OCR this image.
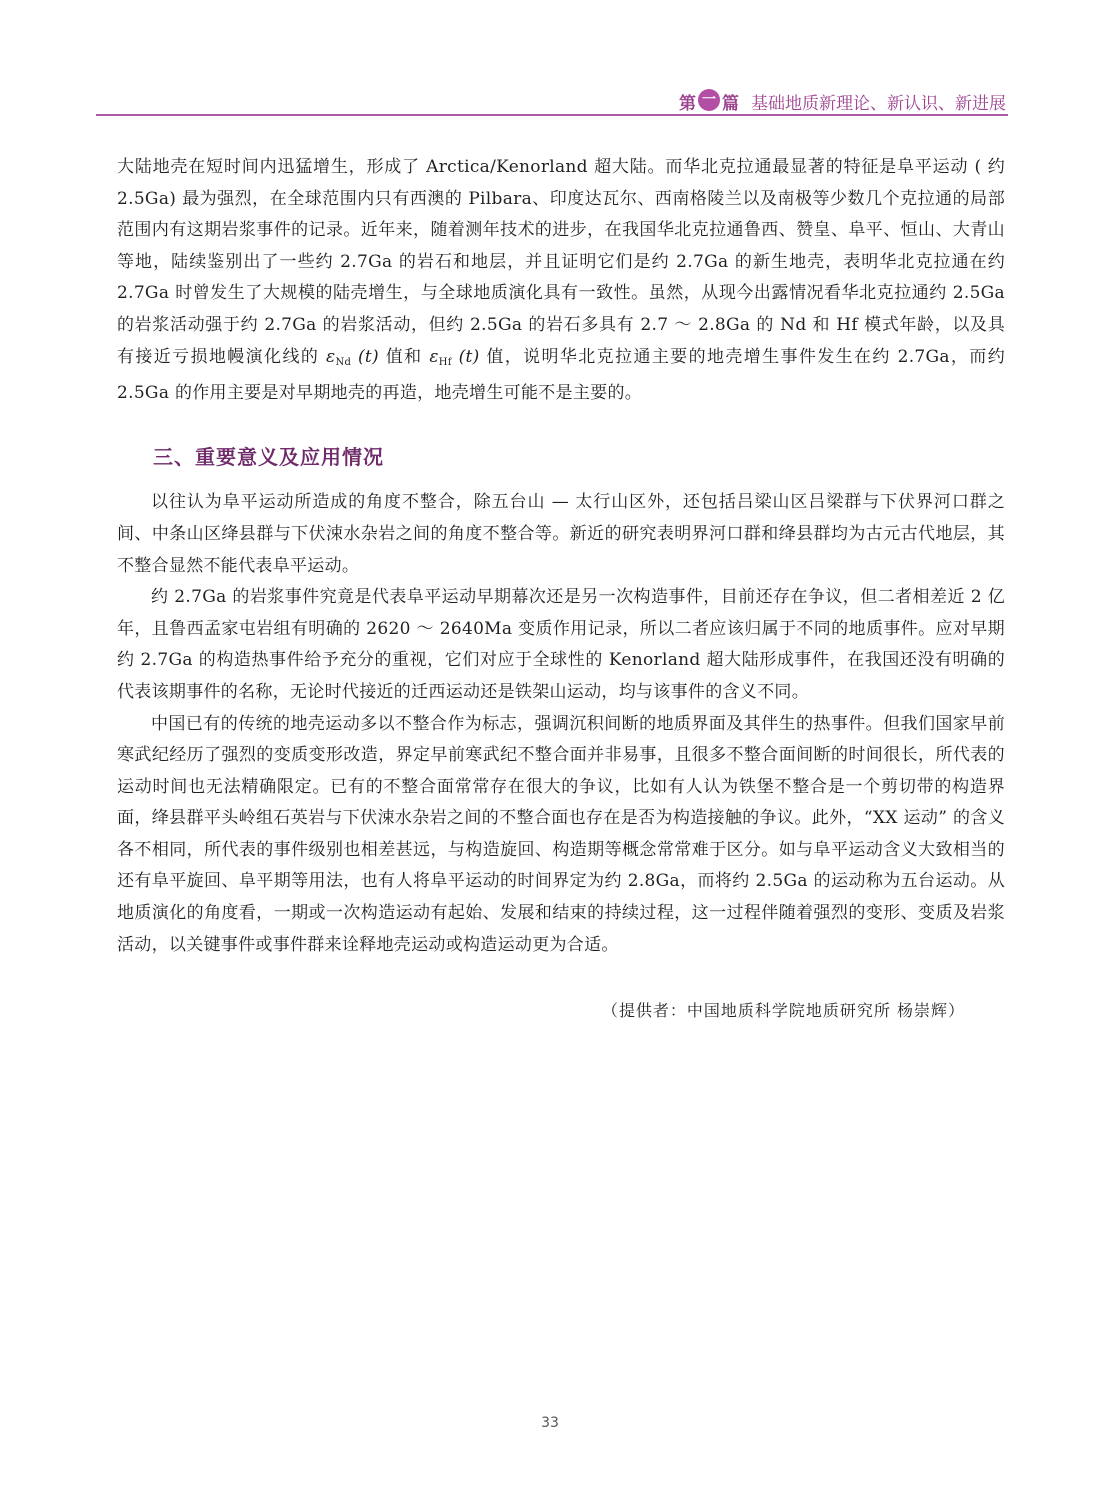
第 一 篇 基础地质新理论、新认识、新进展

大陆地壳在短时间内迅猛增生，形成了 Arctica/Kenorland 超大陆。而华北克拉通最显著的特征是阜平运动 ( 约 2.5Ga) 最为强烈，在全球范围内只有西澳的 Pilbara、印度达瓦尔、西南格陵兰以及南极等少数几个克拉通的局部范围内有这期岩浆事件的记录。近年来，随着测年技术的进步，在我国华北克拉通鲁西、赞皇、阜平、恒山、大青山等地，陆续鉴别出了一些约 2.7Ga 的岩石和地层，并且证明它们是约 2.7Ga 的新生地壳，表明华北克拉通在约 2.7Ga 时曾发生了大规模的陆壳增生，与全球地质演化具有一致性。虽然，从现今出露情况看华北克拉通约 2.5Ga 的岩浆活动强于约 2.7Ga 的岩浆活动，但约 2.5Ga 的岩石多具有 2.7 ～ 2.8Ga 的 Nd 和 Hf 模式年龄，以及具有接近亏损地幔演化线的 $\varepsilon_{Nd}$ (t) 值和 $\varepsilon_{Hf}$ (t) 值，说明华北克拉通主要的地壳增生事件发生在约 2.7Ga，而约 2.5Ga 的作用主要是对早期地壳的再造，地壳增生可能不是主要的。

三、重要意义及应用情况

以往认为阜平运动所造成的角度不整合，除五台山 — 太行山区外，还包括吕梁山区吕梁群与下伏界河口群之间、中条山区绛县群与下伏涑水杂岩之间的角度不整合等。新近的研究表明界河口群和绛县群均为古元古代地层，其不整合显然不能代表阜平运动。

约 2.7Ga 的岩浆事件究竟是代表阜平运动早期幕次还是另一次构造事件，目前还存在争议，但二者相差近 2 亿年，且鲁西孟家屯岩组有明确的 2620 ～ 2640Ma 变质作用记录，所以二者应该归属于不同的地质事件。应对早期约 2.7Ga 的构造热事件给予充分的重视，它们对应于全球性的 Kenorland 超大陆形成事件，在我国还没有明确的代表该期事件的名称，无论时代接近的迁西运动还是铁架山运动，均与该事件的含义不同。

中国已有的传统的地壳运动多以不整合作为标志，强调沉积间断的地质界面及其伴生的热事件。但我们国家早前寒武纪经历了强烈的变质变形改造，界定早前寒武纪不整合面并非易事，且很多不整合面间断的时间很长，所代表的运动时间也无法精确限定。已有的不整合面常常存在很大的争议，比如有人认为铁堡不整合是一个剪切带的构造界面，绛县群平头岭组石英岩与下伏涑水杂岩之间的不整合面也存在是否为构造接触的争议。此外，“XX 运动” 的含义各不相同，所代表的事件级别也相差甚远，与构造旋回、构造期等概念常常难于区分。如与阜平运动含义大致相当的还有阜平旋回、阜平期等用法，也有人将阜平运动的时间界定为约 2.8Ga，而将约 2.5Ga 的运动称为五台运动。从地质演化的角度看，一期或一次构造运动有起始、发展和结束的持续过程，这一过程伴随着强烈的变形、变质及岩浆活动，以关键事件或事件群来诠释地壳运动或构造运动更为合适。

（提供者：中国地质科学院地质研究所 杨崇辉）
33
